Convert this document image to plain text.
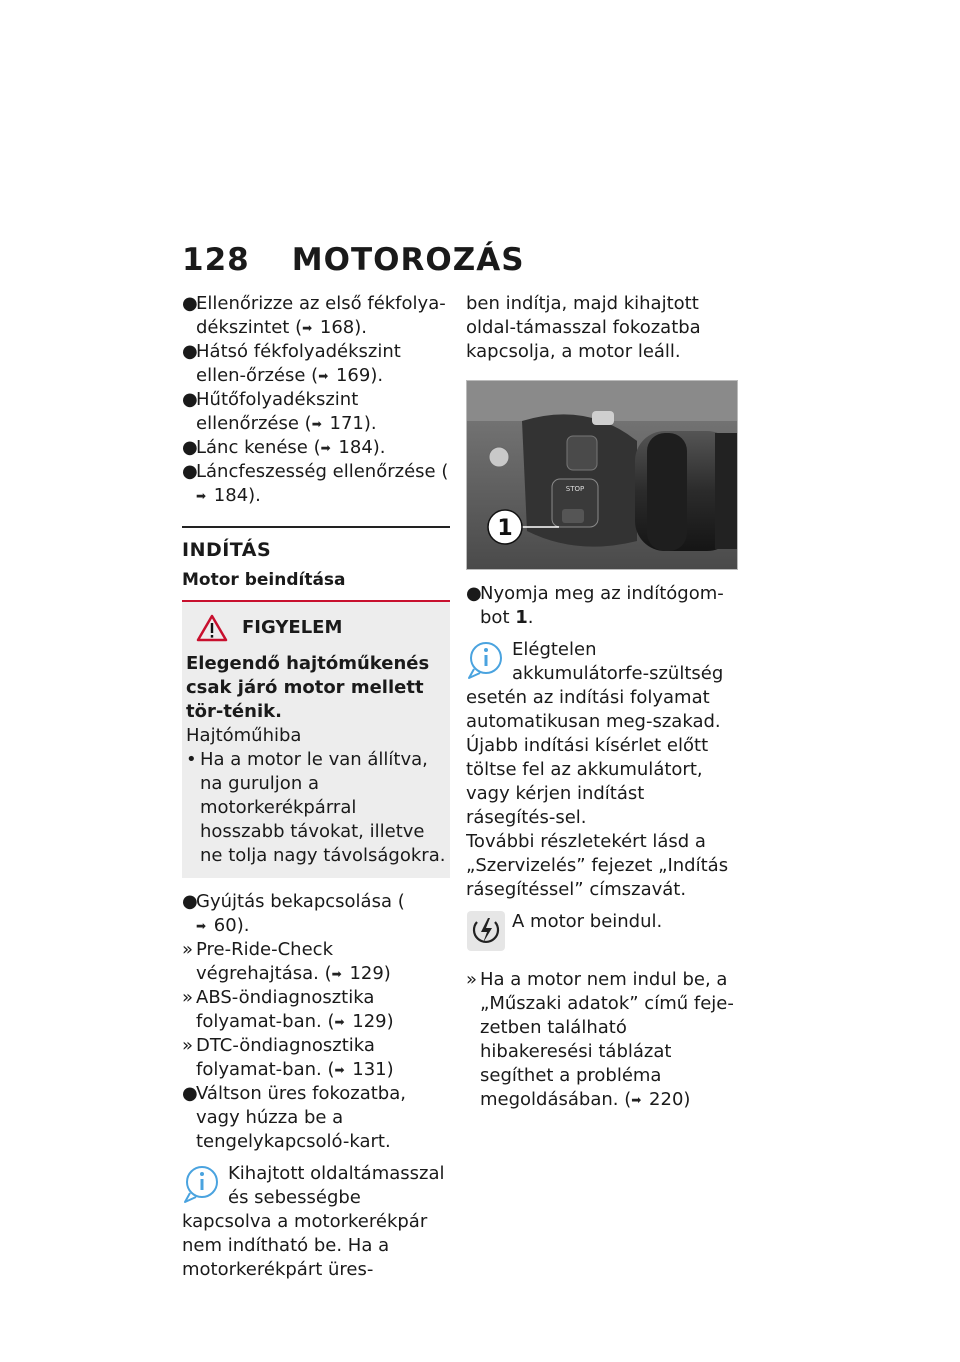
128 MOTOROZÁS
●
Ellenőrizze az első fékfolya-dékszintet (➡ 168).
●
Hátsó fékfolyadékszint ellen-őrzése (➡ 169).
●
Hűtőfolyadékszint ellenőrzése (➡ 171).
●
Lánc kenése (➡ 184).
●
Láncfeszesség ellenőrzése (➡ 184).
INDÍTÁS
Motor beindítása
FIGYELEM
Elegendő hajtóműkenés csak járó motor mellett tör-ténik.
Hajtóműhiba
• Ha a motor le van állítva, na guruljon a motorkerékpárral hosszabb távokat, illetve ne tolja nagy távolságokra.
●
Gyújtás bekapcsolása (➡ 60).
» Pre-Ride-Check végrehajtása. (➡ 129)
» ABS-öndiagnosztika folyamat-ban. (➡ 129)
» DTC-öndiagnosztika folyamat-ban. (➡ 131)
●
Váltson üres fokozatba, vagy húzza be a tengelykapcsoló-kart.
Kihajtott oldaltámasszal és sebességbe kapcsolva a motorkerékpár nem indítható be. Ha a motorkerékpárt üres-
ben indítja, majd kihajtott oldal-támasszal fokozatba kapcsolja, a motor leáll.
STOP
1
●
Nyomja meg az indítógom-bot 1.
Elégtelen akkumulátorfe-szültség esetén az indítási folyamat automatikusan meg-szakad. Újabb indítási kísérlet előtt töltse fel az akkumulátort, vagy kérjen indítást rásegítés-sel.
További részletekért lásd a „Szervizelés” fejezet „Indítás rásegítéssel” címszavát.
A motor beindul.
» Ha a motor nem indul be, a „Műszaki adatok” című feje-zetben található hibakeresési táblázat segíthet a probléma megoldásában. (➡ 220)
